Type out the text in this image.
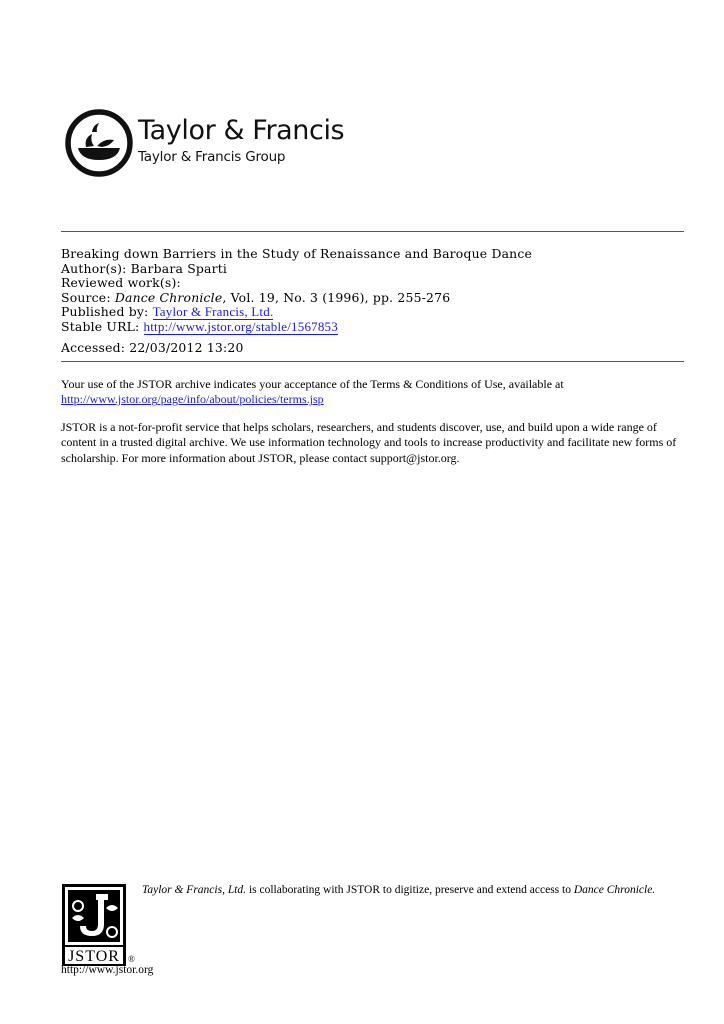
Taylor & Francis
Taylor & Francis Group
Breaking down Barriers in the Study of Renaissance and Baroque Dance
Author(s): Barbara Sparti
Reviewed work(s):
Source: Dance Chronicle, Vol. 19, No. 3 (1996), pp. 255-276
Published by: Taylor & Francis, Ltd.
Stable URL: http://www.jstor.org/stable/1567853
Accessed: 22/03/2012 13:20
Your use of the JSTOR archive indicates your acceptance of the Terms & Conditions of Use, available at
http://www.jstor.org/page/info/about/policies/terms.jsp
JSTOR is a not-for-profit service that helps scholars, researchers, and students discover, use, and build upon a wide range of content in a trusted digital archive. We use information technology and tools to increase productivity and facilitate new forms of scholarship. For more information about JSTOR, please contact support@jstor.org.
JSTOR ®
http://www.jstor.org
Taylor & Francis, Ltd. is collaborating with JSTOR to digitize, preserve and extend access to Dance Chronicle.
